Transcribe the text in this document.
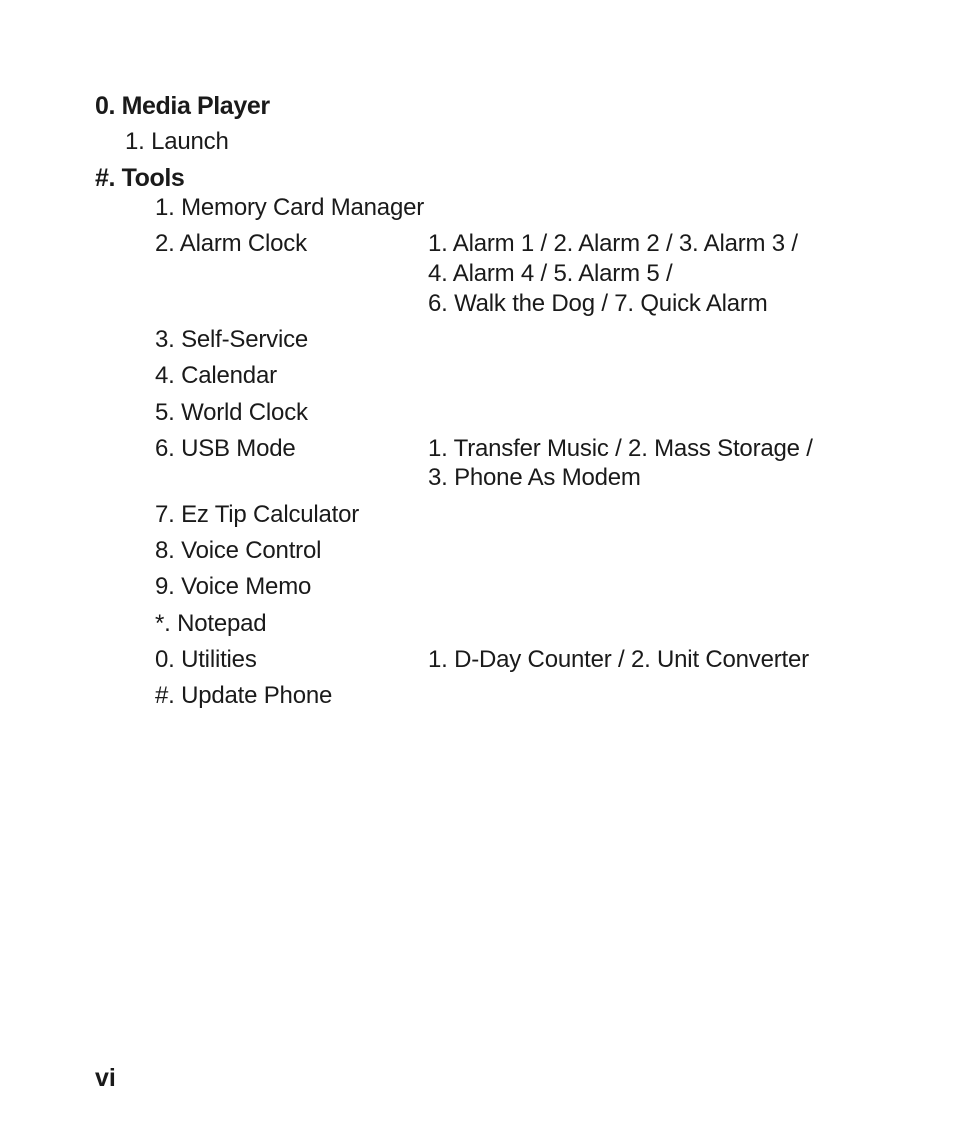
0. Media Player
1. Launch
#. Tools
1. Memory Card Manager
2. Alarm Clock	1. Alarm 1 / 2. Alarm 2 / 3. Alarm 3 /
4. Alarm 4 / 5. Alarm 5 /
6. Walk the Dog / 7. Quick Alarm
3. Self-Service
4. Calendar
5. World Clock
6. USB Mode	1. Transfer Music / 2. Mass Storage /
3. Phone As Modem
7. Ez Tip Calculator
8. Voice Control
9. Voice Memo
*. Notepad
0. Utilities	1. D-Day Counter / 2. Unit Converter
#. Update Phone
vi
